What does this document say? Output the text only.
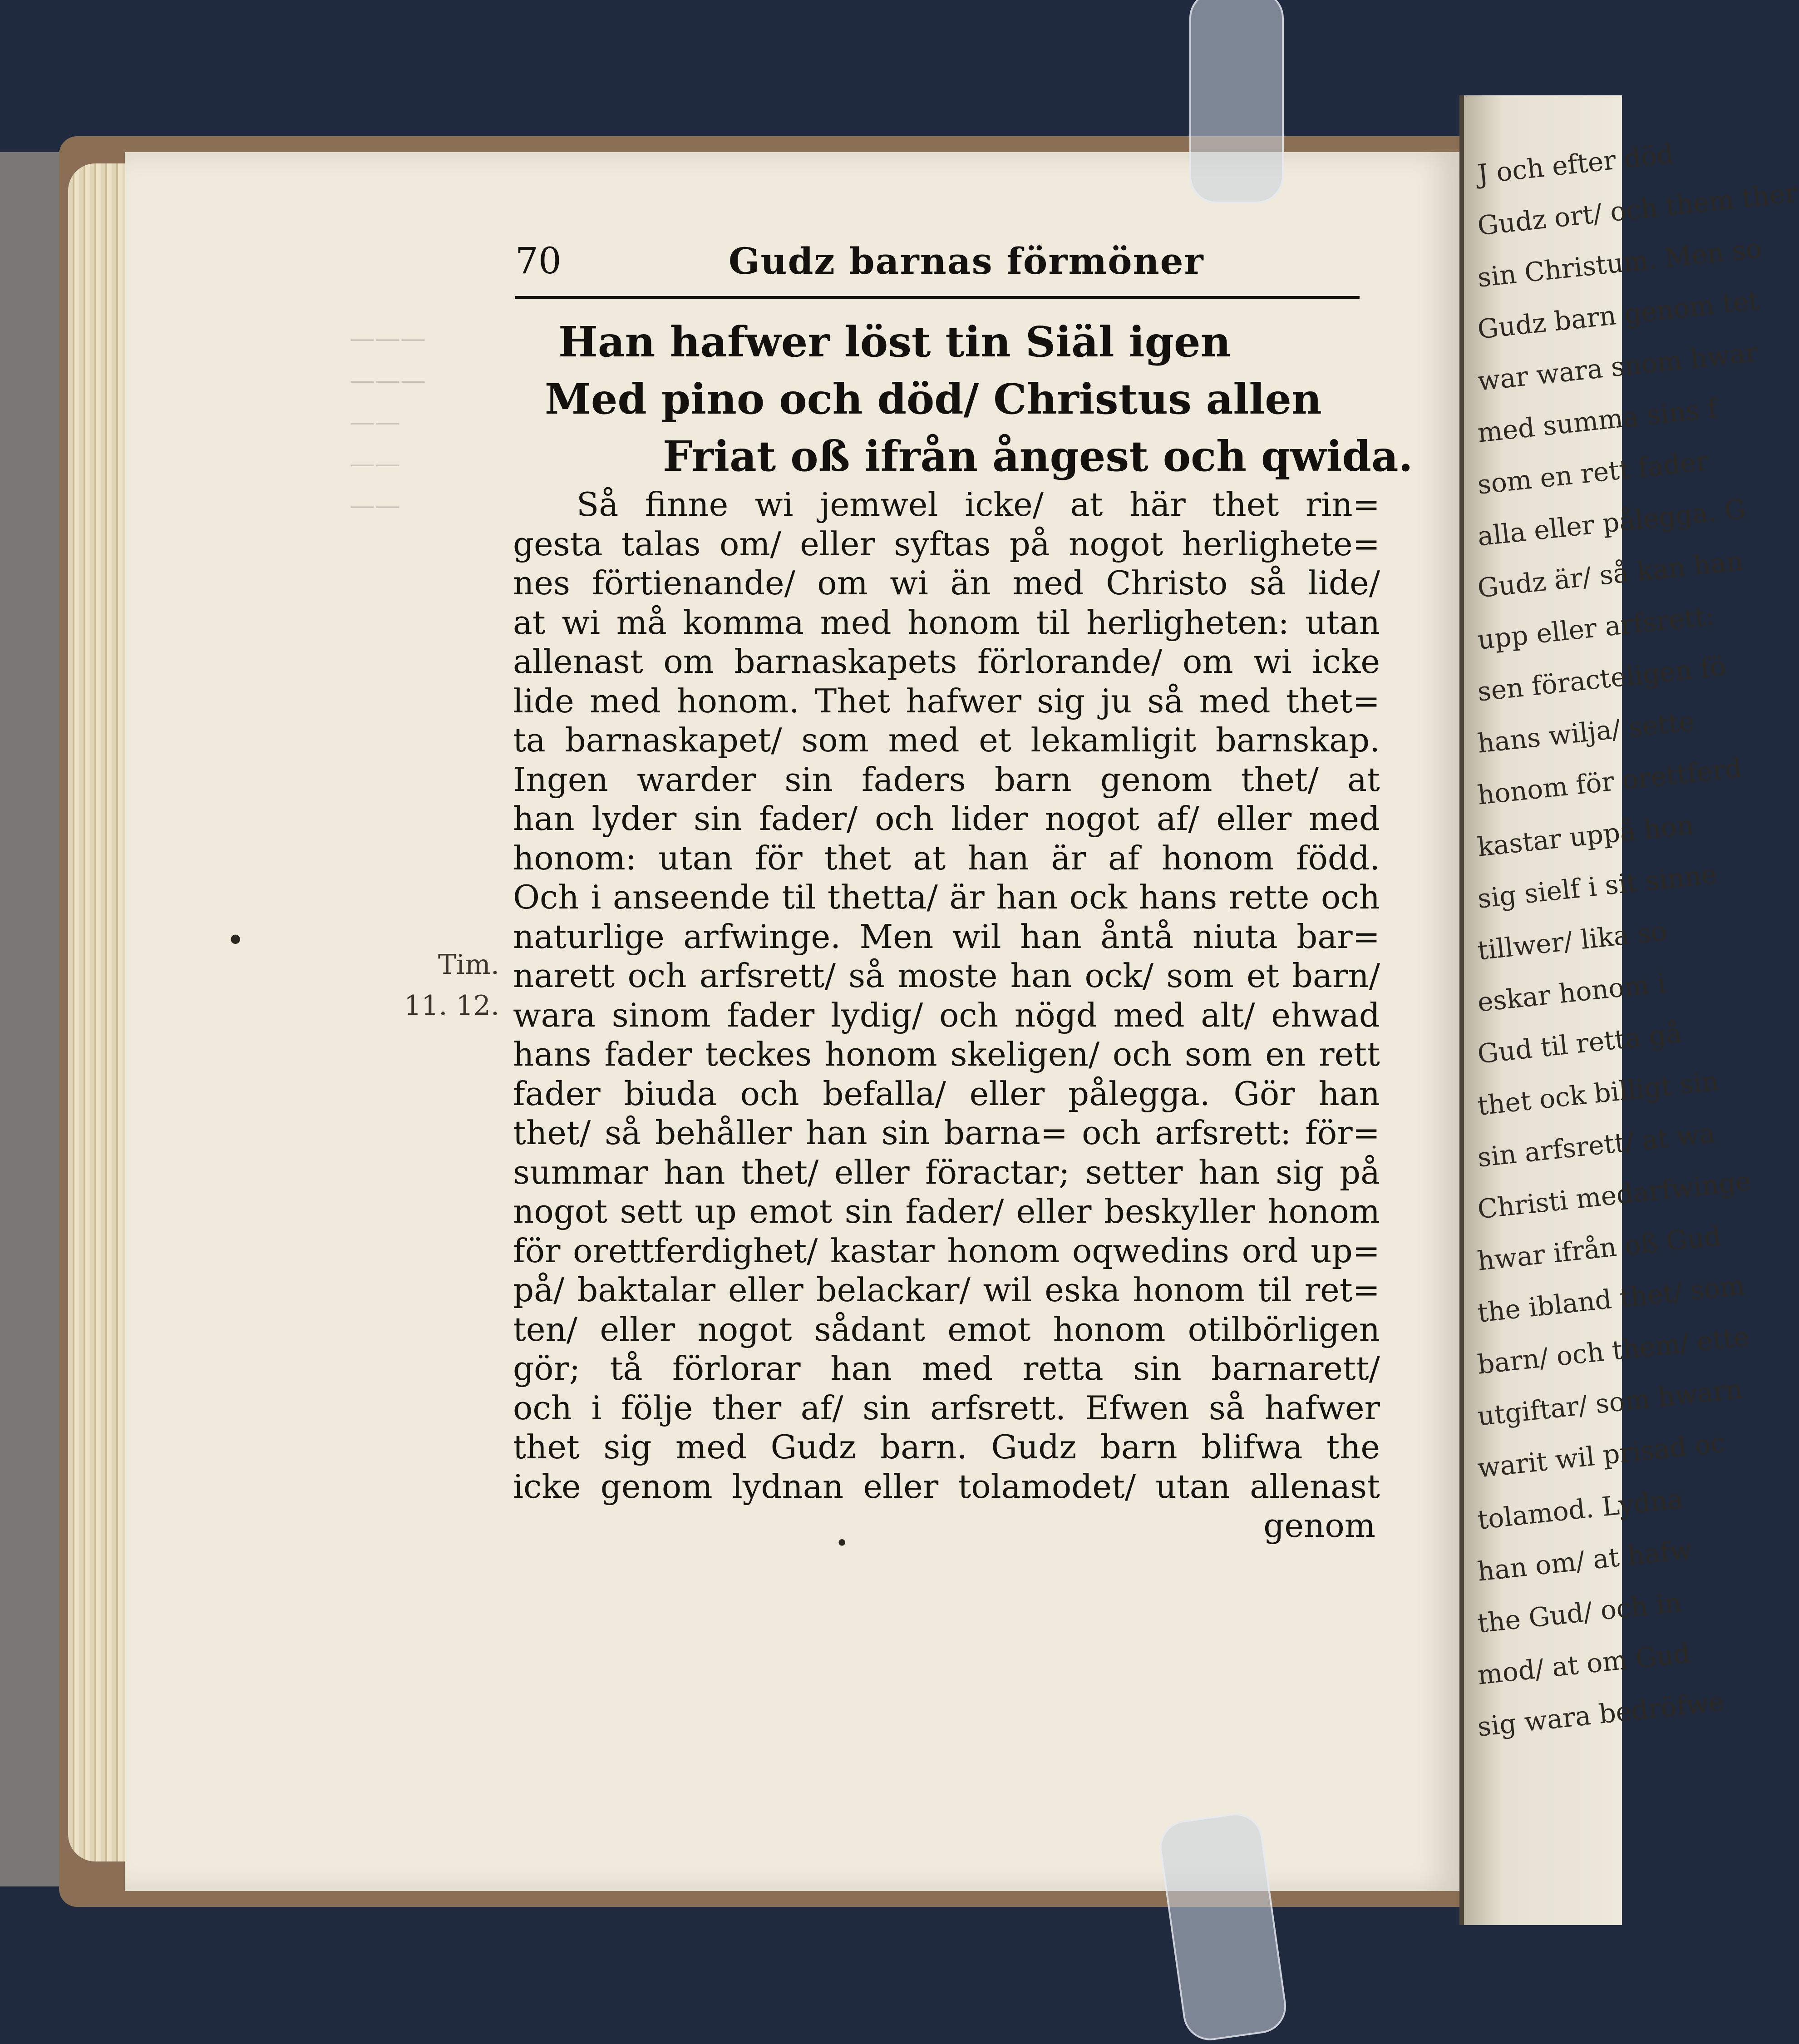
———
———
——
——
——
•
Tim.
11. 12.
70	Gudz barnas förmöner
Han hafwer löst tin Siäl igen
Med pino och död/ Christus allen
Friat oß ifrån ångest och qwida.
Så finne wi jemwel icke/ at här thet rin=
gesta talas om/ eller syftas på nogot herlighete=
nes förtienande/ om wi än med Christo så lide/
at wi må komma med honom til herligheten: utan
allenast om barnaskapets förlorande/ om wi icke
lide med honom. Thet hafwer sig ju så med thet=
ta barnaskapet/ som med et lekamligit barnskap.
Ingen warder sin faders barn genom thet/ at
han lyder sin fader/ och lider nogot af/ eller med
honom: utan för thet at han är af honom född.
Och i anseende til thetta/ är han ock hans rette och
naturlige arfwinge. Men wil han åntå niuta bar=
narett och arfsrett/ så moste han ock/ som et barn/
wara sinom fader lydig/ och nögd med alt/ ehwad
hans fader teckes honom skeligen/ och som en rett
fader biuda och befalla/ eller pålegga. Gör han
thet/ så behåller han sin barna= och arfsrett: för=
summar han thet/ eller föractar; setter han sig på
nogot sett up emot sin fader/ eller beskyller honom
för orettferdighet/ kastar honom oqwedins ord up=
på/ baktalar eller belackar/ wil eska honom til ret=
ten/ eller nogot sådant emot honom otilbörligen
gör; tå förlorar han med retta sin barnarett/
och i följe ther af/ sin arfsrett. Efwen så hafwer
thet sig med Gudz barn. Gudz barn blifwa the
icke genom lydnan eller tolamodet/ utan allenast
genom
•
J och efter död
Gudz ort/ och them ther
sin Christum. Men so
Gudz barn genom tet
war wara snom hwar
med summa sins f
som en rett fader
alla eller pålegga. G
Gudz är/ så kan han
upp eller arfsrett:
sen föracteligen fö
hans wilja/ sette
honom för orettferd
kastar uppå hon
sig sielf i sit sinne
tillwer/ lika so
eskar honom i
Gud til retta gå
thet ock billigt sin
sin arfsrett/ at wa
Christi medarfwinge
hwar ifrån oß Gud
the ibland thet/ som
barn/ och them/ ette
utgiftar/ som hwarn
warit wil prisad oc
tolamod. Lydna
han om/ at hafw
the Gud/ och in
mod/ at om Gud
sig wara bedröfwe
